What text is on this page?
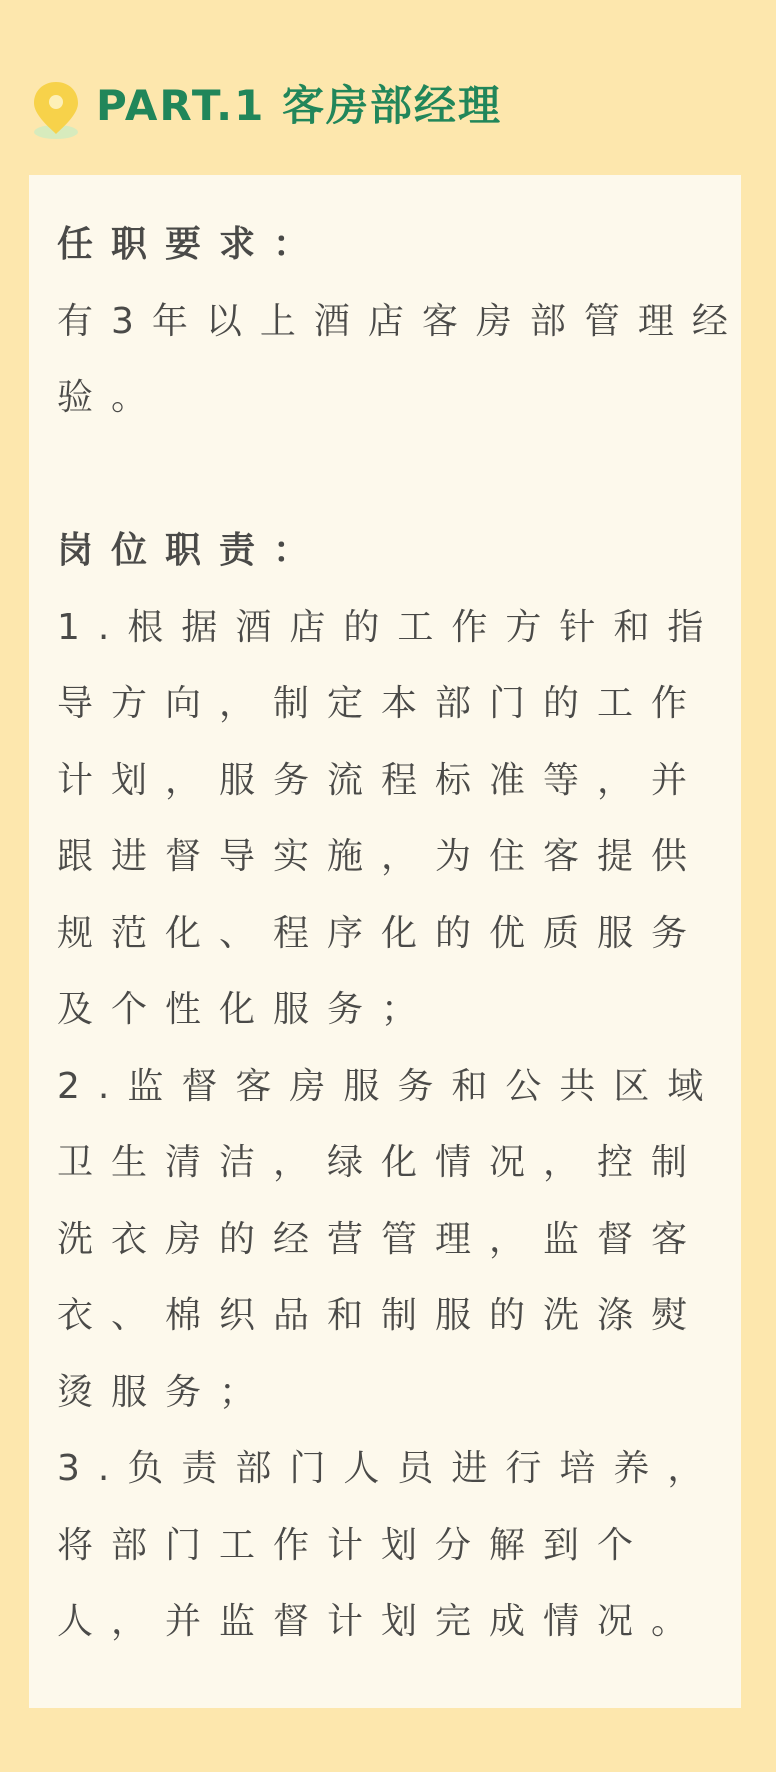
PART.1 客房部经理
任职要求：
有3年以上酒店客房部管理经
验。
岗位职责：
1.根据酒店的工作方针和指
导方向，制定本部门的工作
计划，服务流程标准等，并
跟进督导实施，为住客提供
规范化、程序化的优质服务
及个性化服务；
2.监督客房服务和公共区域
卫生清洁，绿化情况，控制
洗衣房的经营管理，监督客
衣、棉织品和制服的洗涤熨
烫服务；
3.负责部门人员进行培养，
将部门工作计划分解到个
人，并监督计划完成情况。
